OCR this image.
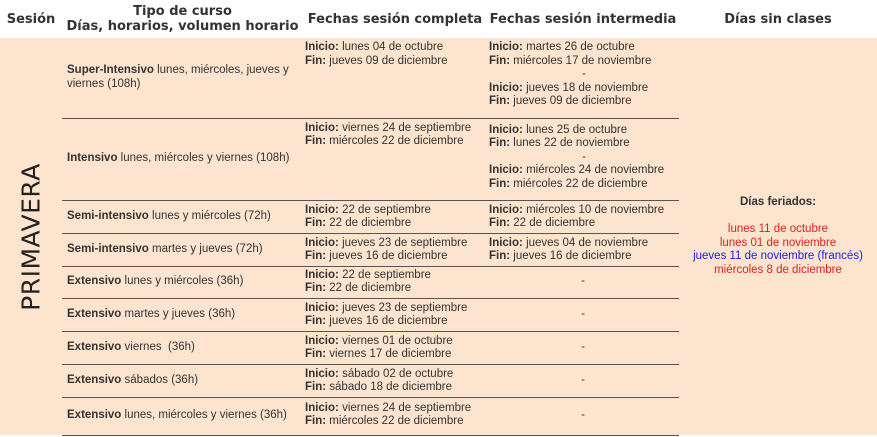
Sesión	Tipo de curso
Días, horarios, volumen horario	Fechas sesión completa	Fechas sesión intermedia	Días sin clases

PRIMAVERA	Super-Intensivo lunes, miércoles, jueves y viernes (108h)	Inicio: lunes 04 de octubre
Fin: jueves 09 de diciembre	Inicio: martes 26 de octubre
Fin: miércoles 17 de noviembre
-
Inicio: jueves 18 de noviembre
Fin: jueves 09 de diciembre	Días feriados:
lunes 11 de octubre
lunes 01 de noviembre
jueves 11 de noviembre (francés)
miércoles 8 de diciembre

	Intensivo lunes, miércoles y viernes (108h)	Inicio: viernes 24 de septiembre
Fin: miércoles 22 de diciembre	Inicio: lunes 25 de octubre
Fin: lunes 22 de noviembre
-
Inicio: miércoles 24 de noviembre
Fin: miércoles 22 de diciembre	

	Semi-intensivo lunes y miércoles (72h)	Inicio: 22 de septiembre
Fin: 22 de diciembre	Inicio: miércoles 10 de noviembre
Fin: 22 de diciembre	

	Semi-intensivo martes y jueves (72h)	Inicio: jueves 23 de septiembre
Fin: jueves 16 de diciembre	Inicio: jueves 04 de noviembre
Fin: jueves 16 de diciembre	

	Extensivo lunes y miércoles (36h)	Inicio: 22 de septiembre
Fin: 22 de diciembre	-	
	Extensivo martes y jueves (36h)	Inicio: jueves 23 de septiembre
Fin: jueves 16 de diciembre	-	
	Extensivo viernes  (36h)	Inicio: viernes 01 de octubre
Fin: viernes 17 de diciembre	-	
	Extensivo sábados (36h)	Inicio: sábado 02 de octubre
Fin: sábado 18 de diciembre	-	
	Extensivo lunes, miércoles y viernes (36h)	Inicio: viernes 24 de septiembre
Fin: miércoles 22 de diciembre	-	
